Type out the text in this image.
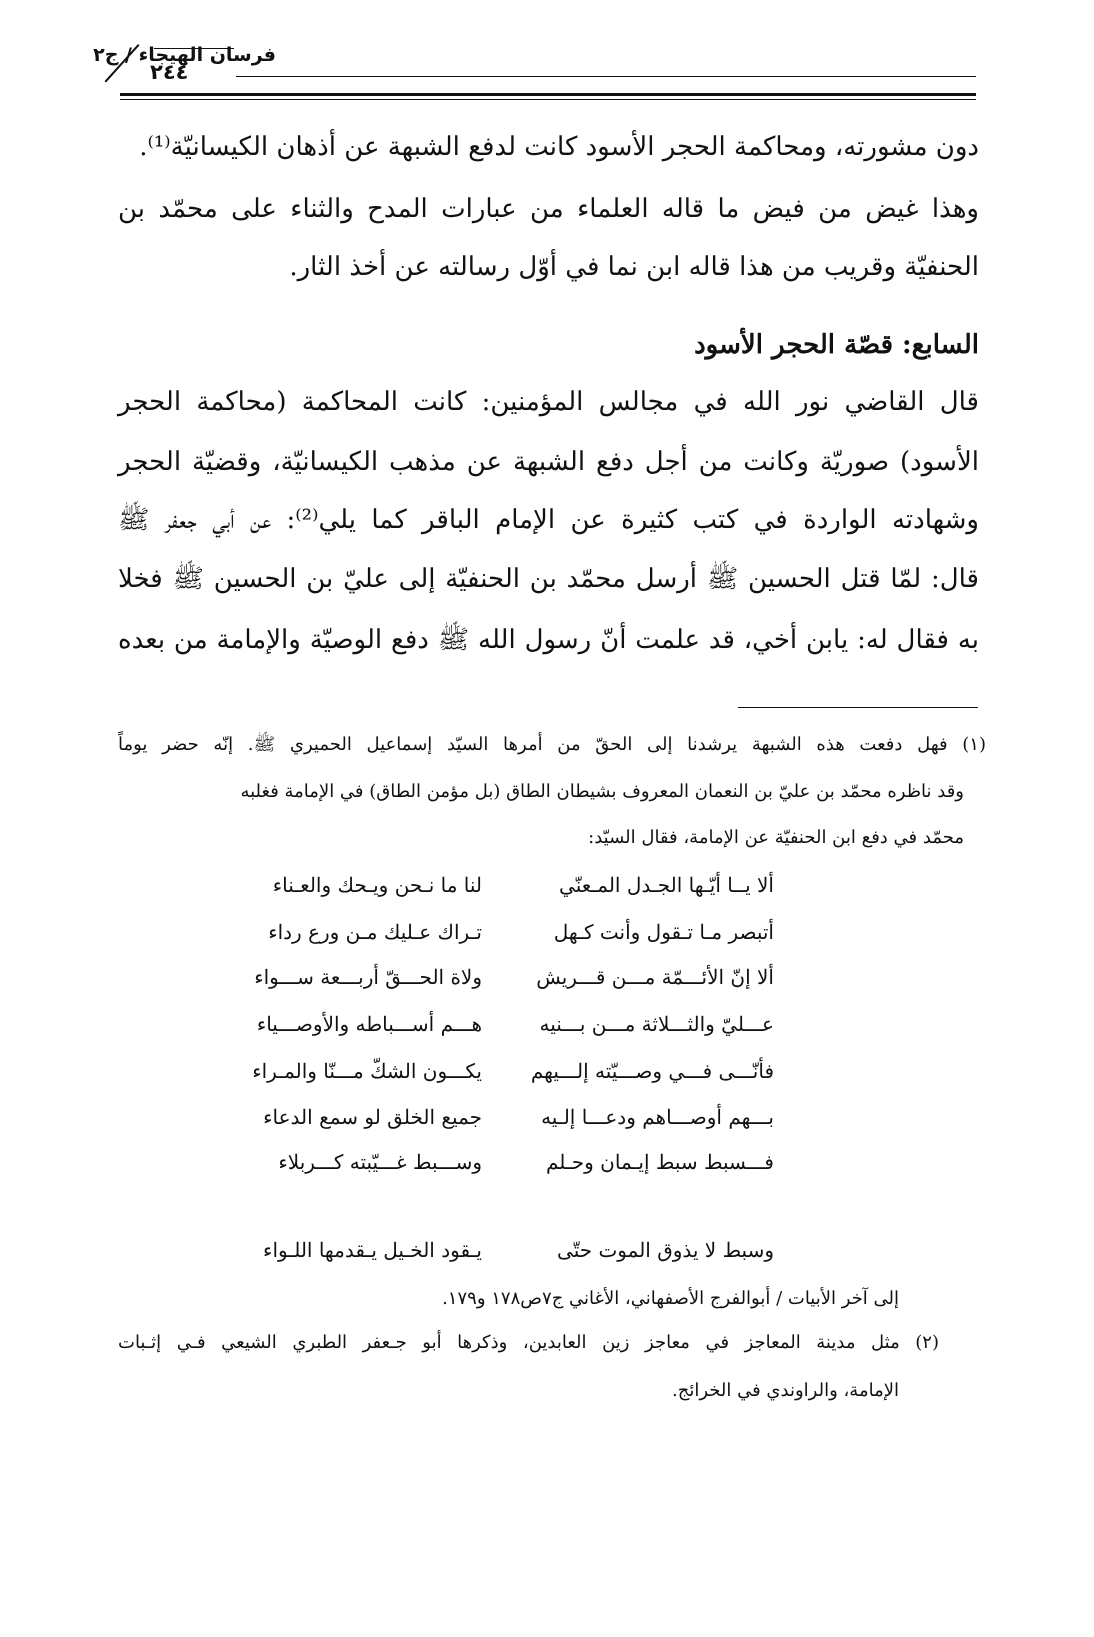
فرسان الهيجاء / ج٢
٢٤٤
دون مشورته، ومحاكمة الحجر الأسود كانت لدفع الشبهة عن أذهان الكيسانيّة⁽¹⁾.
وهذا غيض من فيض ما قاله العلماء من عبارات المدح والثناء على محمّد بن
الحنفيّة وقريب من هذا قاله ابن نما في أوّل رسالته عن أخذ الثار.
السابع: قصّة الحجر الأسود
قال القاضي نور الله في مجالس المؤمنين: كانت المحاكمة (محاكمة الحجر
الأسود) صوريّة وكانت من أجل دفع الشبهة عن مذهب الكيسانيّة، وقضيّة الحجر
وشهادته الواردة في كتب كثيرة عن الإمام الباقر كما يلي⁽²⁾: عن أبي جعفر ﷺ
قال: لمّا قتل الحسين ﷺ أرسل محمّد بن الحنفيّة إلى عليّ بن الحسين ﷺ فخلا
به فقال له: يابن أخي، قد علمت أنّ رسول الله ﷺ دفع الوصيّة والإمامة من بعده
(١) فهل دفعت هذه الشبهة يرشدنا إلى الحقّ من أمرها السيّد إسماعيل الحميري ﷺ. إنّه حضر يوماً
وقد ناظره محمّد بن عليّ بن النعمان المعروف بشيطان الطاق (بل مؤمن الطاق) في الإمامة فغلبه
محمّد في دفع ابن الحنفيّة عن الإمامة، فقال السيّد:
ألا يــا أيّـها الجـدل المـعنّي
لنا ما نـحن ويـحك والعـناء
أتبصر مـا تـقول وأنت كـهل
تـراك عـليك مـن ورع رداء
ألا إنّ الأئـــمّة مـــن قـــريش
ولاة الحـــقّ أربـــعة ســـواء
عـــليّ والثـــلاثة مـــن بـــنيه
هـــم أســـباطه والأوصـــياء
فأنّـــى فـــي وصـــيّته إلـــيهم
يكـــون الشكّ مـــنّا والمـراء
بـــهم أوصـــاهم ودعـــا إلـيه
جميع الخلق لو سمع الدعاء
فـــسبط سبط إيـمان وحـلم
وســـبط غـــيّبته كـــربلاء
وسبط لا يذوق الموت حتّى
يـقود الخـيل يـقدمها اللـواء
إلى آخر الأبيات / أبوالفرج الأصفهاني، الأغاني ج٧ص١٧٨ و١٧٩.
(٢) مثل مدينة المعاجز في معاجز زين العابدين، وذكرها أبو جـعفر الطبري الشيعي فـي إثـبات
الإمامة، والراوندي في الخرائج.
